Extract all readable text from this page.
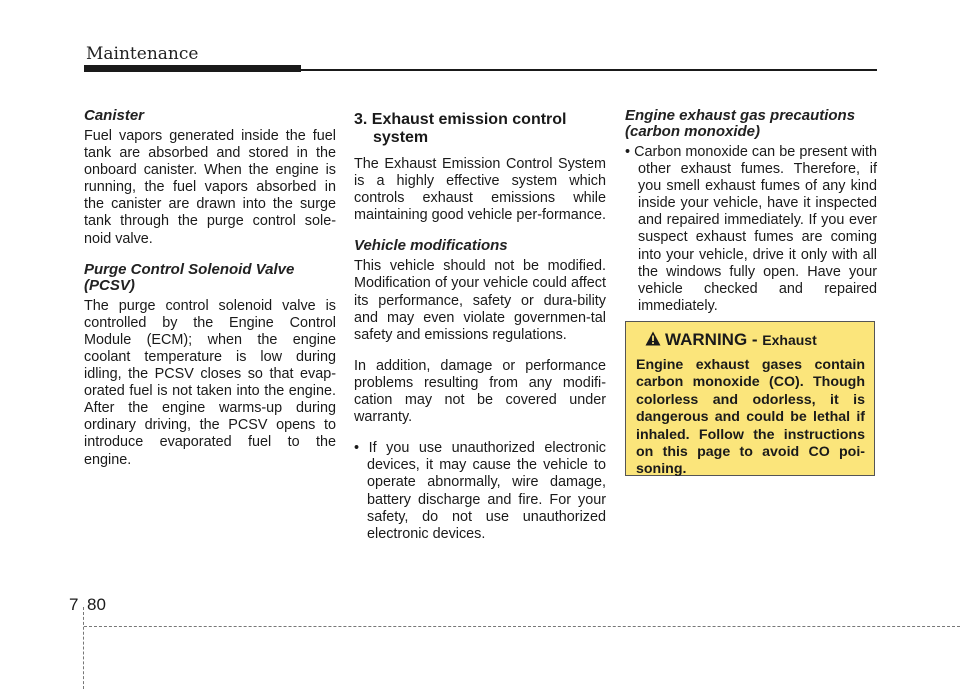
Maintenance

Canister

Fuel vapors generated inside the fuel tank are absorbed and stored in the onboard canister. When the engine is running, the fuel vapors absorbed in the canister are drawn into the surge tank through the purge control sole-noid valve.

Purge Control Solenoid Valve (PCSV)

The purge control solenoid valve is controlled by the Engine Control Module (ECM); when the engine coolant temperature is low during idling, the PCSV closes so that evap-orated fuel is not taken into the engine. After the engine warms-up during ordinary driving, the PCSV opens to introduce evaporated fuel to the engine.

3. Exhaust emission control system

The Exhaust Emission Control System is a highly effective system which controls exhaust emissions while maintaining good vehicle per-formance.

Vehicle modifications

This vehicle should not be modified. Modification of your vehicle could affect its performance, safety or dura-bility and may even violate governmen-tal safety and emissions regulations.

In addition, damage or performance problems resulting from any modifi-cation may not be covered under warranty.

• If you use unauthorized electronic devices, it may cause the vehicle to operate abnormally, wire damage, battery discharge and fire. For your safety, do not use unauthorized electronic devices.

Engine exhaust gas precautions (carbon monoxide)

• Carbon monoxide can be present with other exhaust fumes. Therefore, if you smell exhaust fumes of any kind inside your vehicle, have it inspected and repaired immediately. If you ever suspect exhaust fumes are coming into your vehicle, drive it only with all the windows fully open. Have your vehicle checked and repaired immediately.

WARNING - Exhaust

Engine exhaust gases contain carbon monoxide (CO). Though colorless and odorless, it is dangerous and could be lethal if inhaled. Follow the instructions on this page to avoid CO poi-soning.

7 80
